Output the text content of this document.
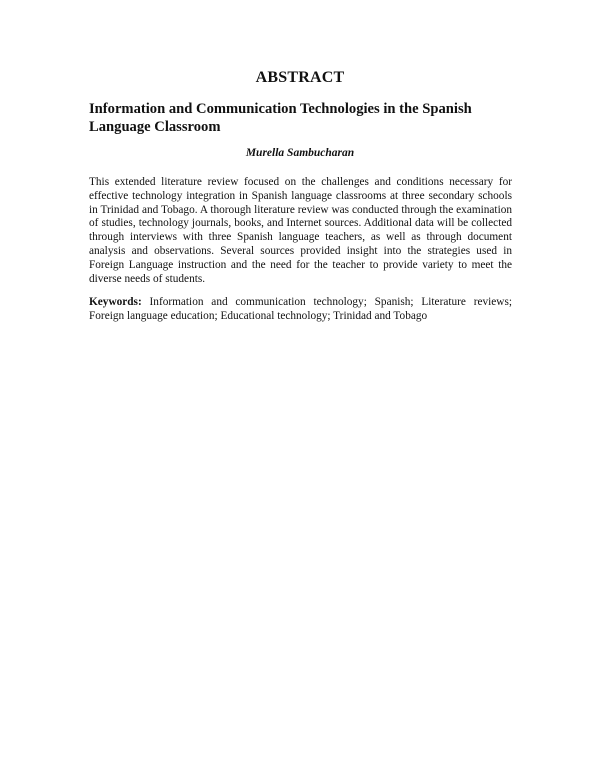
ABSTRACT
Information and Communication Technologies in the Spanish Language Classroom
Murella Sambucharan

This extended literature review focused on the challenges and conditions necessary for effective technology integration in Spanish language classrooms at three secondary schools in Trinidad and Tobago. A thorough literature review was conducted through the examination of studies, technology journals, books, and Internet sources. Additional data will be collected through interviews with three Spanish language teachers, as well as through document analysis and observations. Several sources provided insight into the strategies used in Foreign Language instruction and the need for the teacher to provide variety to meet the diverse needs of students.

Keywords: Information and communication technology; Spanish; Literature reviews; Foreign language education; Educational technology; Trinidad and Tobago
